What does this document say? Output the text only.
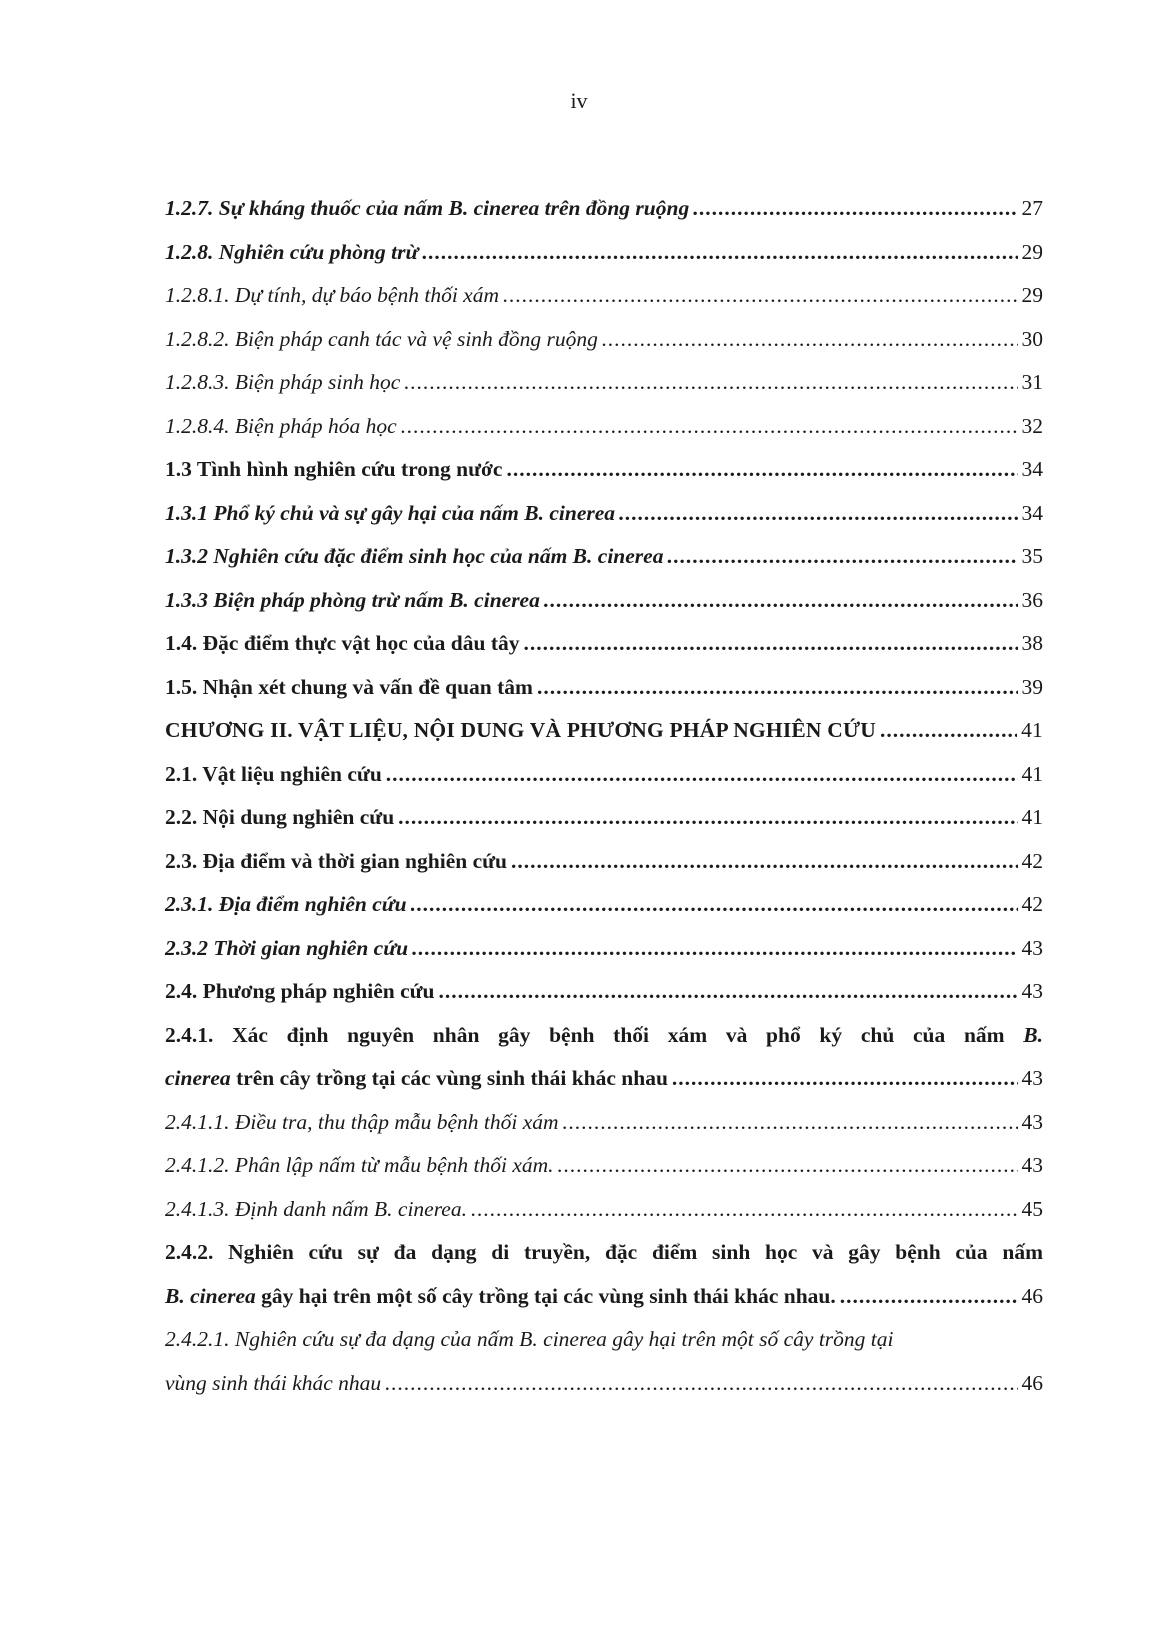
iv
1.2.7. Sự kháng thuốc của nấm B. cinerea trên đồng ruộng .....	27
1.2.8. Nghiên cứu phòng trừ .....	29
1.2.8.1. Dự tính, dự báo bệnh thối xám .....	29
1.2.8.2. Biện pháp canh tác và vệ sinh đồng ruộng .....	30
1.2.8.3. Biện pháp sinh học .....	31
1.2.8.4. Biện pháp hóa học .....	32
1.3 Tình hình nghiên cứu trong nước .....	34
1.3.1 Phổ ký chủ và sự gây hại của nấm B. cinerea .....	34
1.3.2 Nghiên cứu đặc điểm sinh học của nấm B. cinerea .....	35
1.3.3 Biện pháp phòng trừ nấm B. cinerea .....	36
1.4. Đặc điểm thực vật học của dâu tây .....	38
1.5. Nhận xét chung và vấn đề quan tâm .....	39
CHƯƠNG II. VẬT LIỆU, NỘI DUNG VÀ PHƯƠNG PHÁP NGHIÊN CỨU .....	41
2.1. Vật liệu nghiên cứu .....	41
2.2. Nội dung nghiên cứu .....	41
2.3. Địa điểm và thời gian nghiên cứu .....	42
2.3.1. Địa điểm nghiên cứu .....	42
2.3.2 Thời gian nghiên cứu .....	43
2.4. Phương pháp nghiên cứu .....	43
2.4.1. Xác định nguyên nhân gây bệnh thối xám và phổ ký chủ của nấm B.
cinerea trên cây trồng tại các vùng sinh thái khác nhau .....	43
2.4.1.1. Điều tra, thu thập mẫu bệnh thối xám .....	43
2.4.1.2. Phân lập nấm từ mẫu bệnh thối xám. .....	43
2.4.1.3. Định danh nấm B. cinerea. .....	45
2.4.2. Nghiên cứu sự đa dạng di truyền, đặc điểm sinh học và gây bệnh của nấm
B. cinerea gây hại trên một số cây trồng tại các vùng sinh thái khác nhau. .....	46
2.4.2.1. Nghiên cứu sự đa dạng của nấm B. cinerea gây hại trên một số cây trồng tại
vùng sinh thái khác nhau .....	46
